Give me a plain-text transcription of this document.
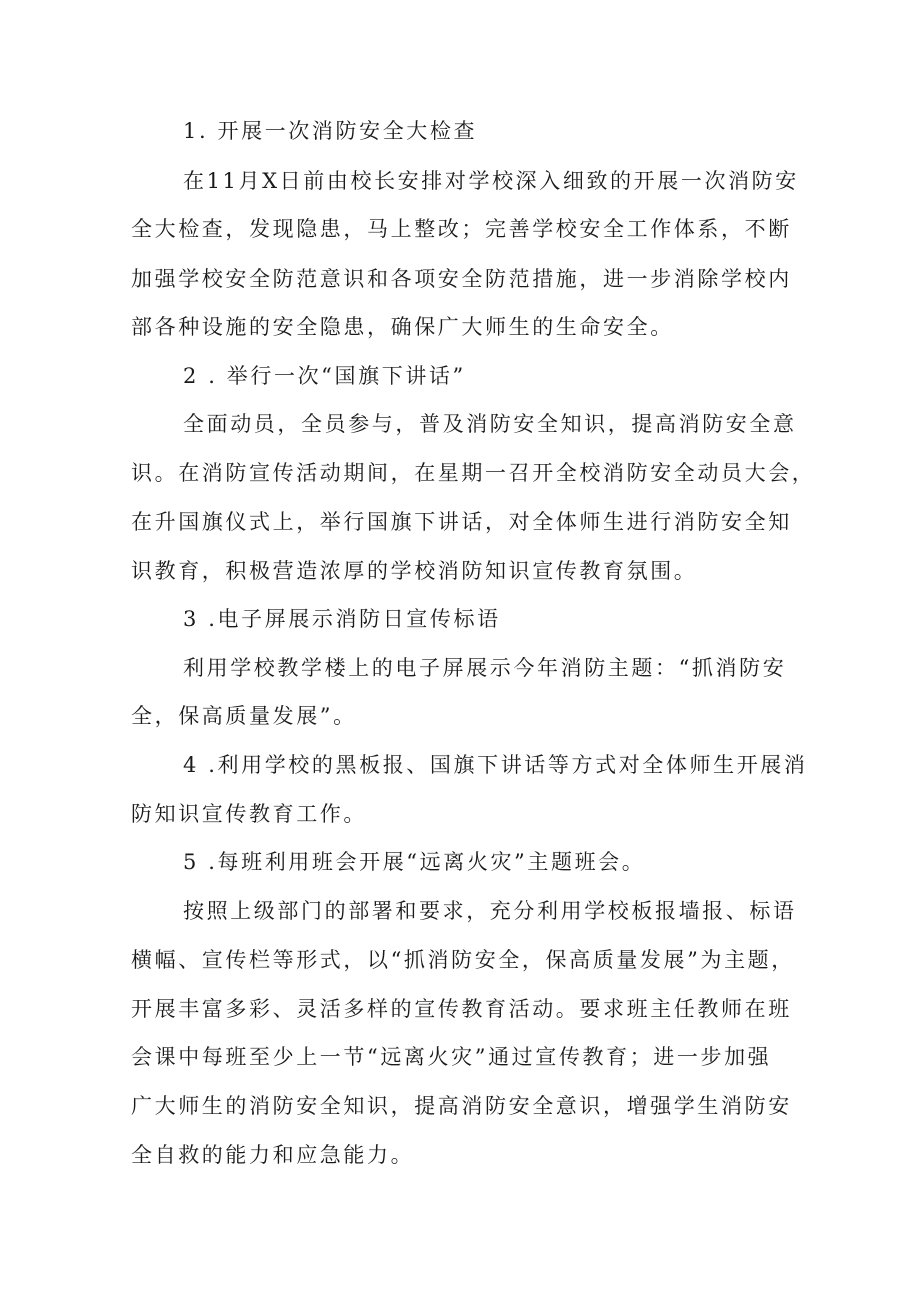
1. 开展一次消防安全大检查
在11月X日前由校长安排对学校深入细致的开展一次消防安
全大检查，发现隐患，马上整改；完善学校安全工作体系，不断
加强学校安全防范意识和各项安全防范措施，进一步消除学校内
部各种设施的安全隐患，确保广大师生的生命安全。
2 . 举行一次“国旗下讲话”
全面动员，全员参与，普及消防安全知识，提高消防安全意
识。在消防宣传活动期间，在星期一召开全校消防安全动员大会，
在升国旗仪式上，举行国旗下讲话，对全体师生进行消防安全知
识教育，积极营造浓厚的学校消防知识宣传教育氛围。
3 .电子屏展示消防日宣传标语
利用学校教学楼上的电子屏展示今年消防主题：“抓消防安
全，保高质量发展”。
4 .利用学校的黑板报、国旗下讲话等方式对全体师生开展消
防知识宣传教育工作。
5 .每班利用班会开展“远离火灾”主题班会。
按照上级部门的部署和要求，充分利用学校板报墙报、标语
横幅、宣传栏等形式，以“抓消防安全，保高质量发展”为主题，
开展丰富多彩、灵活多样的宣传教育活动。要求班主任教师在班
会课中每班至少上一节“远离火灾”通过宣传教育；进一步加强
广大师生的消防安全知识，提高消防安全意识，增强学生消防安
全自救的能力和应急能力。
